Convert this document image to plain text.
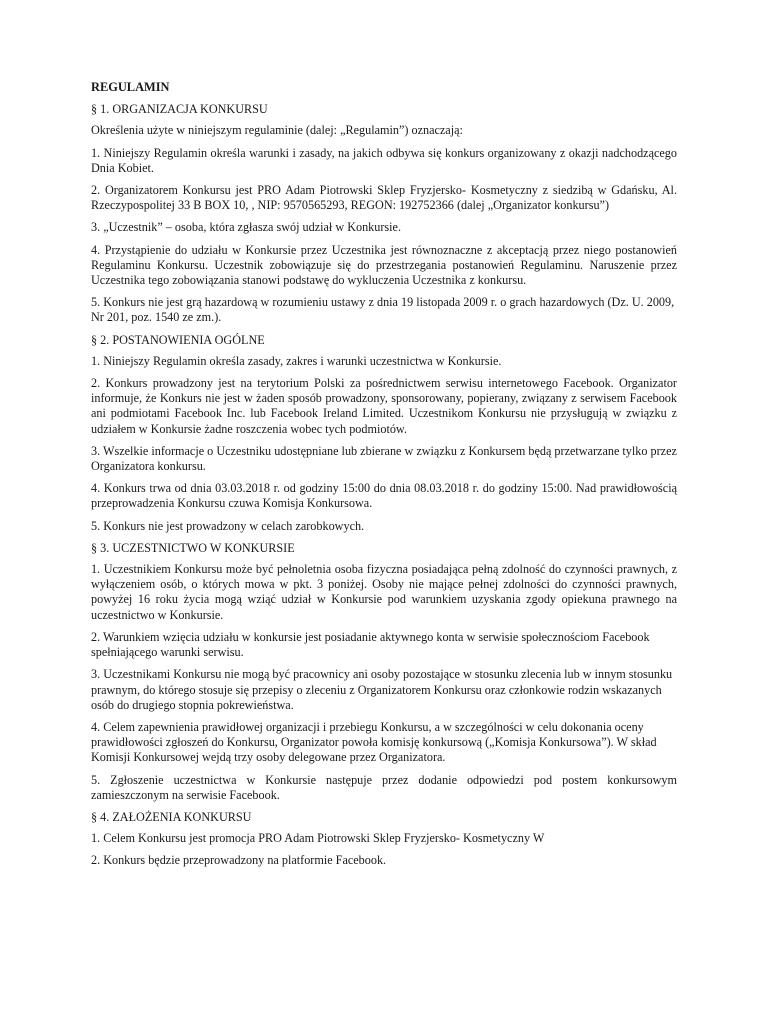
REGULAMIN
§ 1. ORGANIZACJA KONKURSU
Określenia użyte w niniejszym regulaminie (dalej: „Regulamin”) oznaczają:
1. Niniejszy Regulamin określa warunki i zasady, na jakich odbywa się konkurs organizowany z okazji nadchodzącego Dnia Kobiet.
2. Organizatorem Konkursu jest PRO Adam Piotrowski Sklep Fryzjersko- Kosmetyczny z siedzibą w Gdańsku, Al. Rzeczypospolitej 33 B BOX 10, , NIP: 9570565293, REGON: 192752366 (dalej „Organizator konkursu”)
3. „Uczestnik” – osoba, która zgłasza swój udział w Konkursie.
4. Przystąpienie do udziału w Konkursie przez Uczestnika jest równoznaczne z akceptacją przez niego postanowień Regulaminu Konkursu. Uczestnik zobowiązuje się do przestrzegania postanowień Regulaminu. Naruszenie przez Uczestnika tego zobowiązania stanowi podstawę do wykluczenia Uczestnika z konkursu.
5. Konkurs nie jest grą hazardową w rozumieniu ustawy z dnia 19 listopada 2009 r. o grach hazardowych (Dz. U. 2009, Nr 201, poz. 1540 ze zm.).
§ 2. POSTANOWIENIA OGÓLNE
1. Niniejszy Regulamin określa zasady, zakres i warunki uczestnictwa w Konkursie.
2. Konkurs prowadzony jest na terytorium Polski za pośrednictwem serwisu internetowego Facebook. Organizator informuje, że Konkurs nie jest w żaden sposób prowadzony, sponsorowany, popierany, związany z serwisem Facebook ani podmiotami Facebook Inc. lub Facebook Ireland Limited. Uczestnikom Konkursu nie przysługują w związku z udziałem w Konkursie żadne roszczenia wobec tych podmiotów.
3. Wszelkie informacje o Uczestniku udostępniane lub zbierane w związku z Konkursem będą przetwarzane tylko przez Organizatora konkursu.
4. Konkurs trwa od dnia 03.03.2018 r. od godziny 15:00 do dnia 08.03.2018 r. do godziny 15:00. Nad prawidłowością przeprowadzenia Konkursu czuwa Komisja Konkursowa.
5. Konkurs nie jest prowadzony w celach zarobkowych.
§ 3. UCZESTNICTWO W KONKURSIE
1. Uczestnikiem Konkursu może być pełnoletnia osoba fizyczna posiadająca pełną zdolność do czynności prawnych, z wyłączeniem osób, o których mowa w pkt. 3 poniżej. Osoby nie mające pełnej zdolności do czynności prawnych, powyżej 16 roku życia mogą wziąć udział w Konkursie pod warunkiem uzyskania zgody opiekuna prawnego na uczestnictwo w Konkursie.
2. Warunkiem wzięcia udziału w konkursie jest posiadanie aktywnego konta w serwisie społecznościom Facebook spełniającego warunki serwisu.
3. Uczestnikami Konkursu nie mogą być pracownicy ani osoby pozostające w stosunku zlecenia lub w innym stosunku prawnym, do którego stosuje się przepisy o zleceniu z Organizatorem Konkursu oraz członkowie rodzin wskazanych osób do drugiego stopnia pokrewieństwa.
4. Celem zapewnienia prawidłowej organizacji i przebiegu Konkursu, a w szczególności w celu dokonania oceny prawidłowości zgłoszeń do Konkursu, Organizator powoła komisję konkursową („Komisja Konkursowa”). W skład Komisji Konkursowej wejdą trzy osoby delegowane przez Organizatora.
5. Zgłoszenie uczestnictwa w Konkursie następuje przez dodanie odpowiedzi pod postem konkursowym zamieszczonym na serwisie Facebook.
§ 4. ZAŁOŻENIA KONKURSU
1. Celem Konkursu jest promocja PRO Adam Piotrowski Sklep Fryzjersko- Kosmetyczny W
2. Konkurs będzie przeprowadzony na platformie Facebook.
